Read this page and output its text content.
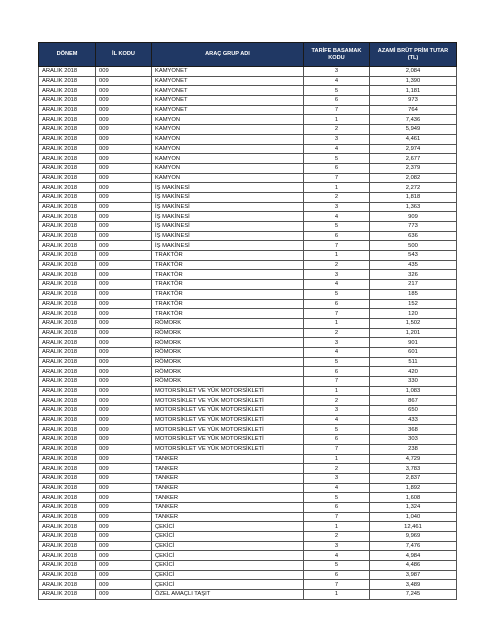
DÖNEM	İL KODU	ARAÇ GRUP ADI	TARİFE BASAMAK KODU	AZAMİ BRÜT PRİM TUTAR (TL)
ARALIK 2018	009	KAMYONET	3	2,084
ARALIK 2018	009	KAMYONET	4	1,390
ARALIK 2018	009	KAMYONET	5	1,181
ARALIK 2018	009	KAMYONET	6	973
ARALIK 2018	009	KAMYONET	7	764
ARALIK 2018	009	KAMYON	1	7,436
ARALIK 2018	009	KAMYON	2	5,949
ARALIK 2018	009	KAMYON	3	4,461
ARALIK 2018	009	KAMYON	4	2,974
ARALIK 2018	009	KAMYON	5	2,677
ARALIK 2018	009	KAMYON	6	2,379
ARALIK 2018	009	KAMYON	7	2,082
ARALIK 2018	009	İŞ MAKİNESİ	1	2,272
ARALIK 2018	009	İŞ MAKİNESİ	2	1,818
ARALIK 2018	009	İŞ MAKİNESİ	3	1,363
ARALIK 2018	009	İŞ MAKİNESİ	4	909
ARALIK 2018	009	İŞ MAKİNESİ	5	773
ARALIK 2018	009	İŞ MAKİNESİ	6	636
ARALIK 2018	009	İŞ MAKİNESİ	7	500
ARALIK 2018	009	TRAKTÖR	1	543
ARALIK 2018	009	TRAKTÖR	2	435
ARALIK 2018	009	TRAKTÖR	3	326
ARALIK 2018	009	TRAKTÖR	4	217
ARALIK 2018	009	TRAKTÖR	5	185
ARALIK 2018	009	TRAKTÖR	6	152
ARALIK 2018	009	TRAKTÖR	7	120
ARALIK 2018	009	RÖMORK	1	1,502
ARALIK 2018	009	RÖMORK	2	1,201
ARALIK 2018	009	RÖMORK	3	901
ARALIK 2018	009	RÖMORK	4	601
ARALIK 2018	009	RÖMORK	5	511
ARALIK 2018	009	RÖMORK	6	420
ARALIK 2018	009	RÖMORK	7	330
ARALIK 2018	009	MOTORSİKLET VE YÜK MOTORSİKLETİ	1	1,083
ARALIK 2018	009	MOTORSİKLET VE YÜK MOTORSİKLETİ	2	867
ARALIK 2018	009	MOTORSİKLET VE YÜK MOTORSİKLETİ	3	650
ARALIK 2018	009	MOTORSİKLET VE YÜK MOTORSİKLETİ	4	433
ARALIK 2018	009	MOTORSİKLET VE YÜK MOTORSİKLETİ	5	368
ARALIK 2018	009	MOTORSİKLET VE YÜK MOTORSİKLETİ	6	303
ARALIK 2018	009	MOTORSİKLET VE YÜK MOTORSİKLETİ	7	238
ARALIK 2018	009	TANKER	1	4,729
ARALIK 2018	009	TANKER	2	3,783
ARALIK 2018	009	TANKER	3	2,837
ARALIK 2018	009	TANKER	4	1,892
ARALIK 2018	009	TANKER	5	1,608
ARALIK 2018	009	TANKER	6	1,324
ARALIK 2018	009	TANKER	7	1,040
ARALIK 2018	009	ÇEKİCİ	1	12,461
ARALIK 2018	009	ÇEKİCİ	2	9,969
ARALIK 2018	009	ÇEKİCİ	3	7,476
ARALIK 2018	009	ÇEKİCİ	4	4,984
ARALIK 2018	009	ÇEKİCİ	5	4,486
ARALIK 2018	009	ÇEKİCİ	6	3,987
ARALIK 2018	009	ÇEKİCİ	7	3,489
ARALIK 2018	009	ÖZEL AMAÇLI TAŞIT	1	7,245
